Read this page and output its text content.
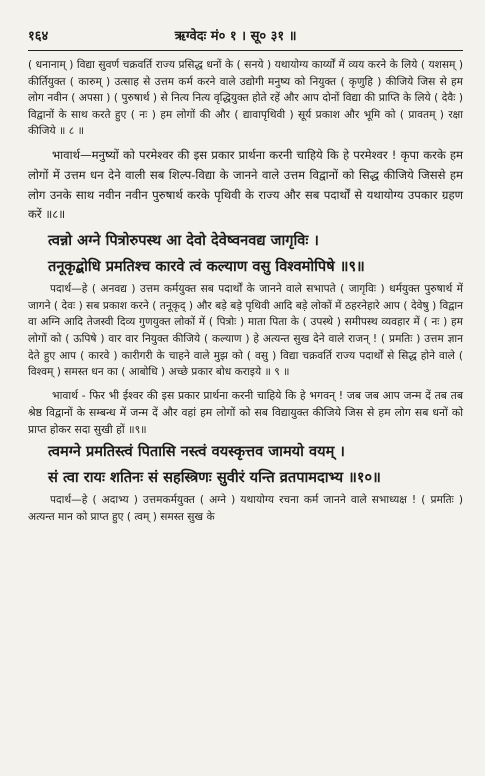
१६४	ऋग्वेदः मं० १ । सू० ३१ ॥

( धनानाम् ) विद्या सुवर्ण चक्रवर्ति राज्य प्रसिद्ध धनों के ( सनये ) यथायोग्य कार्य्यों में व्यय करने के लिये ( यशसम् ) कीर्तियुक्त ( कारुम् ) उत्साह से उत्तम कर्म करने वाले उद्योगी मनुष्य को नियुक्त ( कृणुहि ) कीजिये जिस से हम लोग नवीन ( अपसा ) ( पुरुषार्थ ) से नित्य नित्य वृद्धियुक्त होते रहें और आप दोनों विद्या की प्राप्ति के लिये ( देवैः ) विद्वानों के साथ करते हुए ( नः ) हम लोगों की और ( द्यावापृथिवी ) सूर्य प्रकाश और भूमि को ( प्रावतम् ) रक्षा कीजिये ॥ ८ ॥

भावार्थ—मनुष्यों को परमेश्वर की इस प्रकार प्रार्थना करनी चाहिये कि हे परमेश्वर ! कृपा करके हम लोगों में उत्तम धन देने वाली सब शिल्प-विद्या के जानने वाले उत्तम विद्वानों को सिद्ध कीजिये जिससे हम लोग उनके साथ नवीन नवीन पुरुषार्थ करके पृथिवी के राज्य और सब पदार्थों से यथायोग्य उपकार ग्रहण करें ॥८॥

त्वन्नो अग्ने पित्रोरुपस्थ आ देवो देवेष्वनवद्य जागृविः ।
तनूकृद्बोधि प्रमतिश्च कारवे त्वं कल्याण वसु विश्वमोपिषे ॥९॥

पदार्थ—हे ( अनवद्य ) उत्तम कर्मयुक्त सब पदार्थों के जानने वाले सभापते ( जागृविः ) धर्मयुक्त पुरुषार्थ में जागने ( देवः ) सब प्रकाश करने ( तनूकृद् ) और बड़े बड़े पृथिवी आदि बड़े लोकों में ठहरनेहारे आप ( देवेषु ) विद्वान वा अग्नि आदि तेजस्वी दिव्य गुणयुक्त लोकों में ( पित्रोः ) माता पिता के ( उपस्थे ) समीपस्थ व्यवहार में ( नः ) हम लोगों को ( ऊपिषे ) वार वार नियुक्त कीजिये ( कल्याण ) हे अत्यन्त सुख देने वाले राजन् ! ( प्रमतिः ) उत्तम ज्ञान देते हुए आप ( कारवे ) कारीगरी के चाहने वाले मुझ को ( वसु ) विद्या चक्रवर्ति राज्य पदार्थों से सिद्ध होने वाले ( विश्वम् ) समस्त धन का ( आबोधि ) अच्छे प्रकार बोध कराइये ॥ ९ ॥

भावार्थ - फिर भी ईश्वर की इस प्रकार प्रार्थना करनी चाहिये कि हे भगवन् ! जब जब आप जन्म दें तब तब श्रेष्ठ विद्वानों के सम्बन्ध में जन्म दें और वहां हम लोगों को सब विद्यायुक्त कीजिये जिस से हम लोग सब धनों को प्राप्त होकर सदा सुखी हों ॥९॥

त्वमग्ने प्रमतिस्त्वं पितासि नस्त्वं वयस्कृत्तव जामयो वयम् ।
सं त्वा रायः शतिनः सं सहस्त्रिणः सुवीरं यन्ति व्रतपामदाभ्य ॥१०॥

पदार्थ—हे ( अदाभ्य ) उत्तमकर्मयुक्त ( अग्ने ) यथायोग्य रचना कर्म जानने वाले सभाध्यक्ष ! ( प्रमतिः ) अत्यन्त मान को प्राप्त हुए ( त्वम् ) समस्त सुख के
